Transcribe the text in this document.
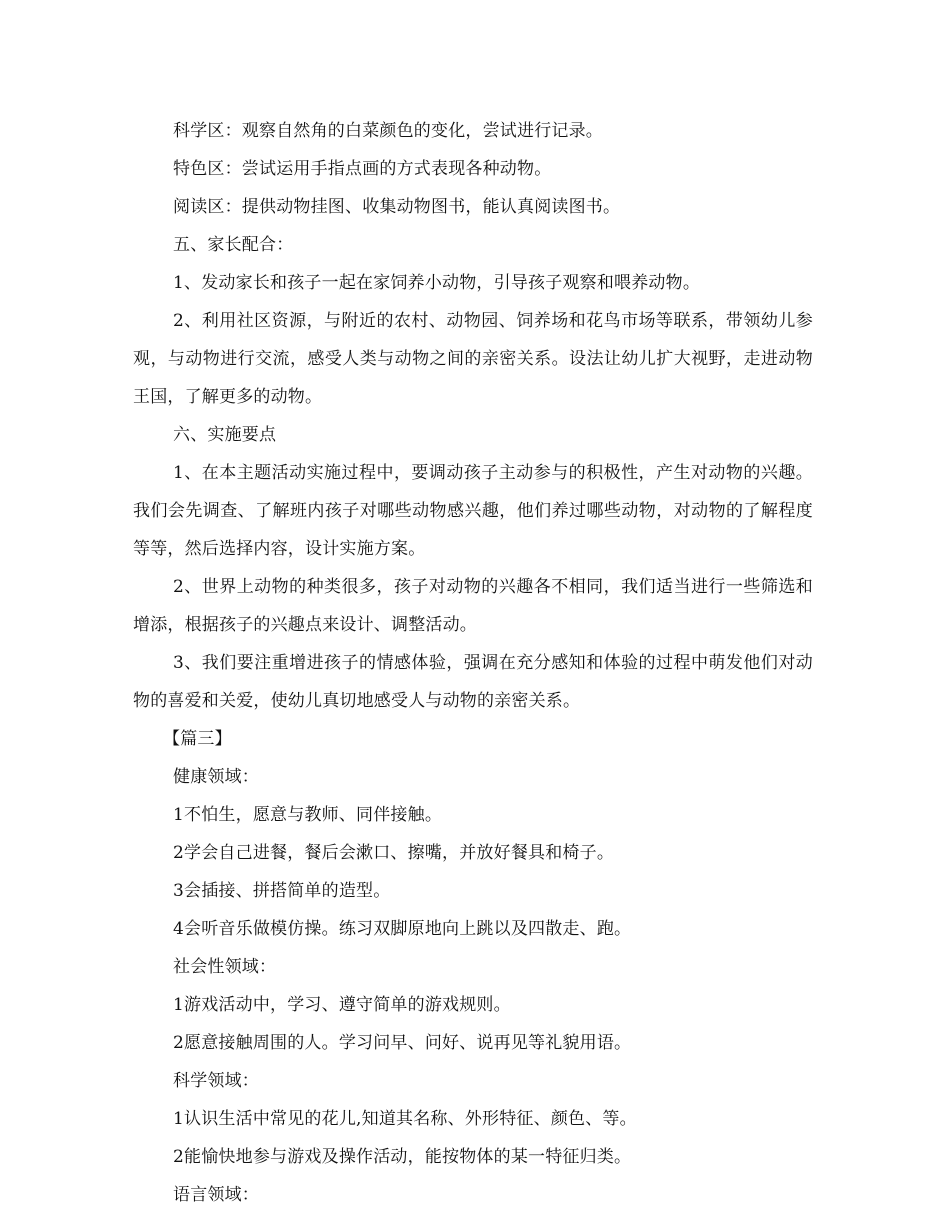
科学区：观察自然角的白菜颜色的变化，尝试进行记录。

特色区：尝试运用手指点画的方式表现各种动物。

阅读区：提供动物挂图、收集动物图书，能认真阅读图书。

五、家长配合：

1、发动家长和孩子一起在家饲养小动物，引导孩子观察和喂养动物。

2、利用社区资源，与附近的农村、动物园、饲养场和花鸟市场等联系，带领幼儿参观，与动物进行交流，感受人类与动物之间的亲密关系。设法让幼儿扩大视野，走进动物王国，了解更多的动物。

六、实施要点

1、在本主题活动实施过程中，要调动孩子主动参与的积极性，产生对动物的兴趣。我们会先调查、了解班内孩子对哪些动物感兴趣，他们养过哪些动物，对动物的了解程度等等，然后选择内容，设计实施方案。

2、世界上动物的种类很多，孩子对动物的兴趣各不相同，我们适当进行一些筛选和增添，根据孩子的兴趣点来设计、调整活动。

3、我们要注重增进孩子的情感体验，强调在充分感知和体验的过程中萌发他们对动物的喜爱和关爱，使幼儿真切地感受人与动物的亲密关系。

【篇三】

健康领域：

1不怕生，愿意与教师、同伴接触。

2学会自己进餐，餐后会漱口、擦嘴，并放好餐具和椅子。

3会插接、拼搭简单的造型。

4会听音乐做模仿操。练习双脚原地向上跳以及四散走、跑。

社会性领域：

1游戏活动中，学习、遵守简单的游戏规则。

2愿意接触周围的人。学习问早、问好、说再见等礼貌用语。

科学领域：

1认识生活中常见的花儿,知道其名称、外形特征、颜色、等。

2能愉快地参与游戏及操作活动，能按物体的某一特征归类。

语言领域：
